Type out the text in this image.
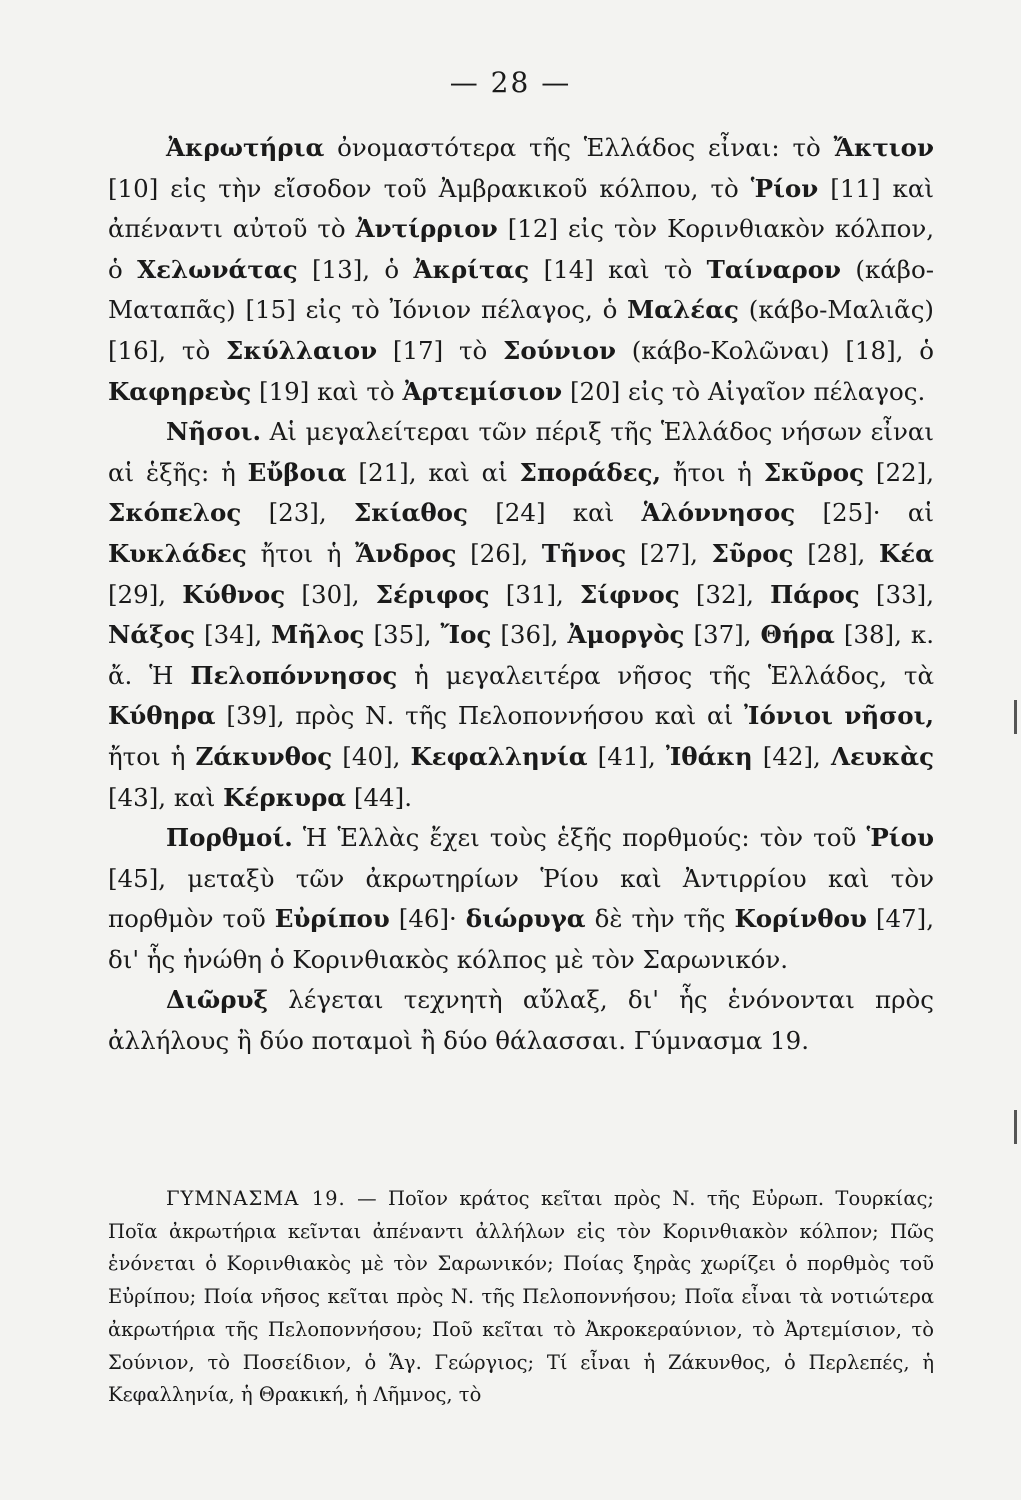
— 28 —

Ἀκρωτήρια ὀνομαστότερα τῆς Ἑλλάδος εἶναι: τὸ Ἄκτιον [10] εἰς τὴν εἴσοδον τοῦ Ἀμβρακικοῦ κόλπου, τὸ Ῥίον [11] καὶ ἀπέναντι αὐτοῦ τὸ Ἀντίρριον [12] εἰς τὸν Κορινθιακὸν κόλπον, ὁ Χελωνάτας [13], ὁ Ἀκρίτας [14] καὶ τὸ Ταίναρον (κάβο-Ματαπᾶς) [15] εἰς τὸ Ἰόνιον πέλαγος, ὁ Μαλέας (κάβο-Μαλιᾶς) [16], τὸ Σκύλλαιον [17] τὸ Σούνιον (κάβο-Κολῶναι) [18], ὁ Καφηρεὺς [19] καὶ τὸ Ἀρτεμίσιον [20] εἰς τὸ Αἰγαῖον πέλαγος.

Νῆσοι. Αἱ μεγαλείτεραι τῶν πέριξ τῆς Ἑλλάδος νήσων εἶναι αἱ ἑξῆς: ἡ Εὔβοια [21], καὶ αἱ Σποράδες, ἤτοι ἡ Σκῦρος [22], Σκόπελος [23], Σκίαθος [24] καὶ Ἁλόννησος [25]· αἱ Κυκλάδες ἤτοι ἡ Ἄνδρος [26], Τῆνος [27], Σῦρος [28], Κέα [29], Κύθνος [30], Σέριφος [31], Σίφνος [32], Πάρος [33], Νάξος [34], Μῆλος [35], Ἴος [36], Ἀμοργὸς [37], Θήρα [38], κ. ἄ. Ἡ Πελοπόννησος ἡ μεγαλειτέρα νῆσος τῆς Ἑλλάδος, τὰ Κύθηρα [39], πρὸς Ν. τῆς Πελοποννήσου καὶ αἱ Ἰόνιοι νῆσοι, ἤτοι ἡ Ζάκυνθος [40], Κεφαλληνία [41], Ἰθάκη [42], Λευκὰς [43], καὶ Κέρκυρα [44].

Πορθμοί. Ἡ Ἑλλὰς ἔχει τοὺς ἑξῆς πορθμούς: τὸν τοῦ Ῥίου [45], μεταξὺ τῶν ἀκρωτηρίων Ῥίου καὶ Ἀντιρρίου καὶ τὸν πορθμὸν τοῦ Εὐρίπου [46]· διώρυγα δὲ τὴν τῆς Κορίνθου [47], δι' ἧς ἡνώθη ὁ Κορινθιακὸς κόλπος μὲ τὸν Σαρωνικόν.

Διῶρυξ λέγεται τεχνητὴ αὔλαξ, δι' ἧς ἑνόνονται πρὸς ἀλλήλους ἢ δύο ποταμοὶ ἢ δύο θάλασσαι. Γύμνασμα 19.

ΓΥΜΝΑΣΜΑ 19. — Ποῖον κράτος κεῖται πρὸς Ν. τῆς Εὐρωπ. Τουρκίας; Ποῖα ἀκρωτήρια κεῖνται ἀπέναντι ἀλλήλων εἰς τὸν Κορινθιακὸν κόλπον; Πῶς ἑνόνεται ὁ Κορινθιακὸς μὲ τὸν Σαρωνικόν; Ποίας ξηρὰς χωρίζει ὁ πορθμὸς τοῦ Εὐρίπου; Ποία νῆσος κεῖται πρὸς Ν. τῆς Πελοποννήσου; Ποῖα εἶναι τὰ νοτιώτερα ἀκρωτήρια τῆς Πελοποννήσου; Ποῦ κεῖται τὸ Ἀκροκεραύνιον, τὸ Ἀρτεμίσιον, τὸ Σούνιον, τὸ Ποσείδιον, ὁ Ἅγ. Γεώργιος; Τί εἶναι ἡ Ζάκυνθος, ὁ Περλεπές, ἡ Κεφαλληνία, ἡ Θρακική, ἡ Λῆμνος, τὸ
